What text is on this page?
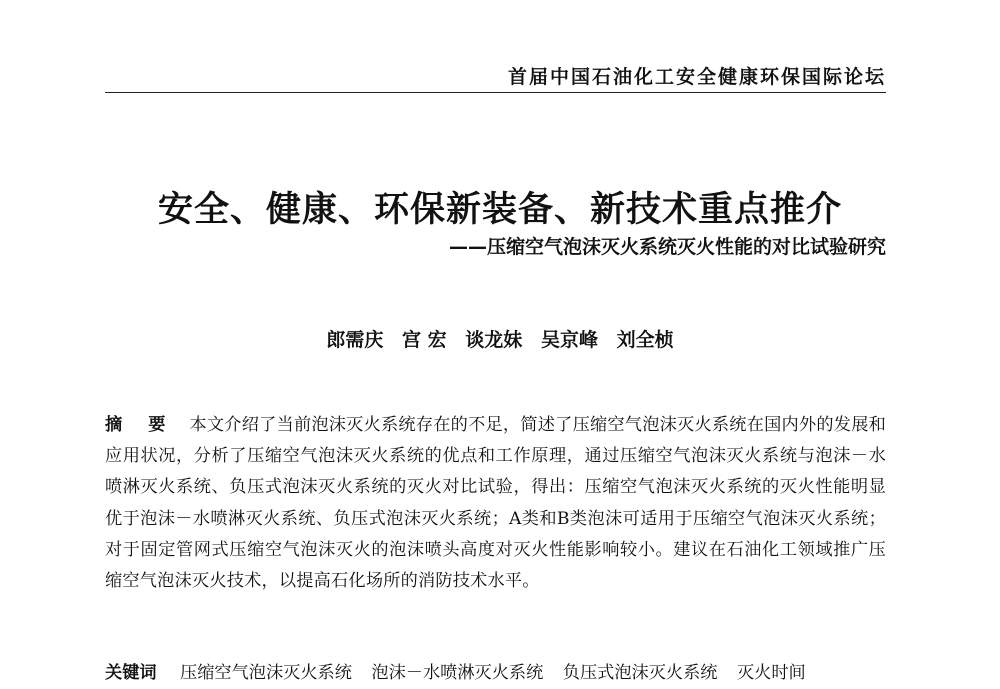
首届中国石油化工安全健康环保国际论坛
安全、健康、环保新装备、新技术重点推介
——压缩空气泡沫灭火系统灭火性能的对比试验研究
郎需庆 宫 宏 谈龙妹 吴京峰 刘全桢
摘 要 本文介绍了当前泡沫灭火系统存在的不足，简述了压缩空气泡沫灭火系统在国内外的发展和应用状况，分析了压缩空气泡沫灭火系统的优点和工作原理，通过压缩空气泡沫灭火系统与泡沫－水喷淋灭火系统、负压式泡沫灭火系统的灭火对比试验，得出：压缩空气泡沫灭火系统的灭火性能明显优于泡沫－水喷淋灭火系统、负压式泡沫灭火系统；A类和B类泡沫可适用于压缩空气泡沫灭火系统；对于固定管网式压缩空气泡沫灭火的泡沫喷头高度对灭火性能影响较小。建议在石油化工领域推广压缩空气泡沫灭火技术，以提高石化场所的消防技术水平。
关键词 压缩空气泡沫灭火系统 泡沫－水喷淋灭火系统 负压式泡沫灭火系统 灭火时间
